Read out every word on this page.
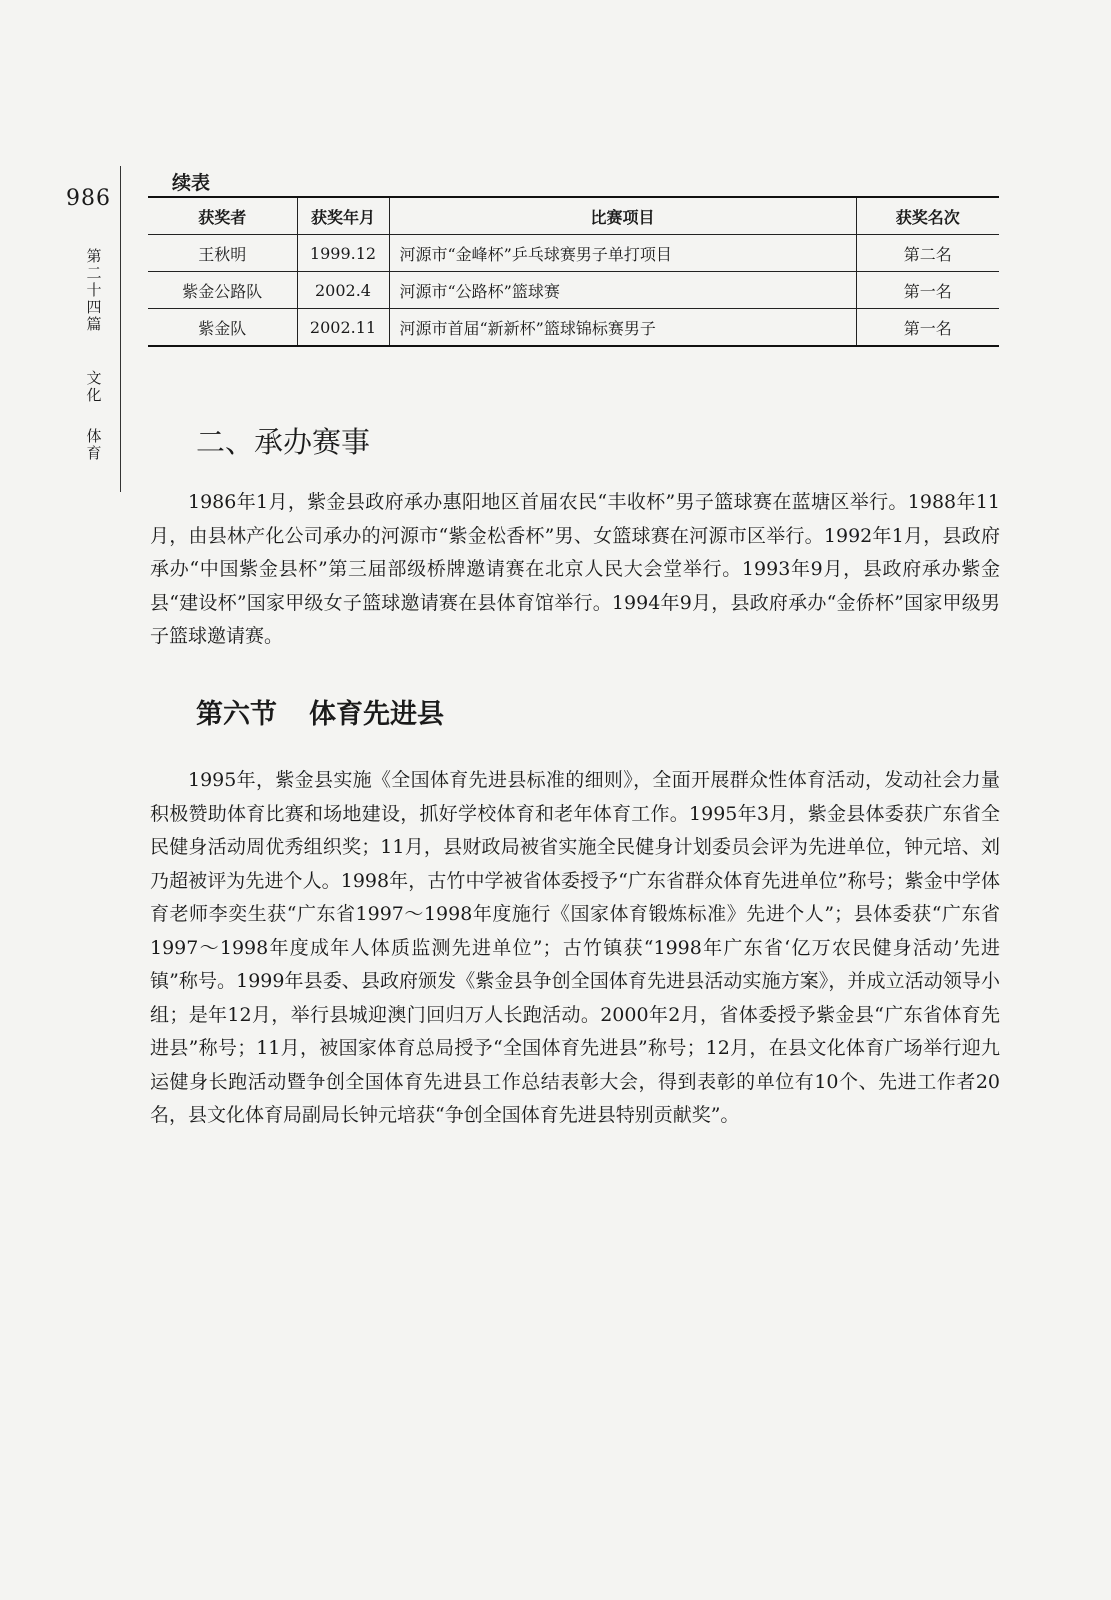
986
第
二
十
四
篇
文
化
体
育
续表
获奖者	获奖年月	比赛项目	获奖名次
王秋明	1999.12	河源市“金峰杯”乒乓球赛男子单打项目	第二名
紫金公路队	2002.4	河源市“公路杯”篮球赛	第一名
紫金队	2002.11	河源市首届“新新杯”篮球锦标赛男子	第一名
二、承办赛事

1986年1月，紫金县政府承办惠阳地区首届农民“丰收杯”男子篮球赛在蓝塘区举行。1988年11月，由县林产化公司承办的河源市“紫金松香杯”男、女篮球赛在河源市区举行。1992年1月，县政府承办“中国紫金县杯”第三届部级桥牌邀请赛在北京人民大会堂举行。1993年9月，县政府承办紫金县“建设杯”国家甲级女子篮球邀请赛在县体育馆举行。1994年9月，县政府承办“金侨杯”国家甲级男子篮球邀请赛。

第六节 体育先进县

1995年，紫金县实施《全国体育先进县标准的细则》，全面开展群众性体育活动，发动社会力量积极赞助体育比赛和场地建设，抓好学校体育和老年体育工作。1995年3月，紫金县体委获广东省全民健身活动周优秀组织奖；11月，县财政局被省实施全民健身计划委员会评为先进单位，钟元培、刘乃超被评为先进个人。1998年，古竹中学被省体委授予“广东省群众体育先进单位”称号；紫金中学体育老师李奕生获“广东省1997～1998年度施行《国家体育锻炼标准》先进个人”；县体委获“广东省1997～1998年度成年人体质监测先进单位”；古竹镇获“1998年广东省‘亿万农民健身活动’先进镇”称号。1999年县委、县政府颁发《紫金县争创全国体育先进县活动实施方案》，并成立活动领导小组；是年12月，举行县城迎澳门回归万人长跑活动。2000年2月，省体委授予紫金县“广东省体育先进县”称号；11月，被国家体育总局授予“全国体育先进县”称号；12月，在县文化体育广场举行迎九运健身长跑活动暨争创全国体育先进县工作总结表彰大会，得到表彰的单位有10个、先进工作者20名，县文化体育局副局长钟元培获“争创全国体育先进县特别贡献奖”。
